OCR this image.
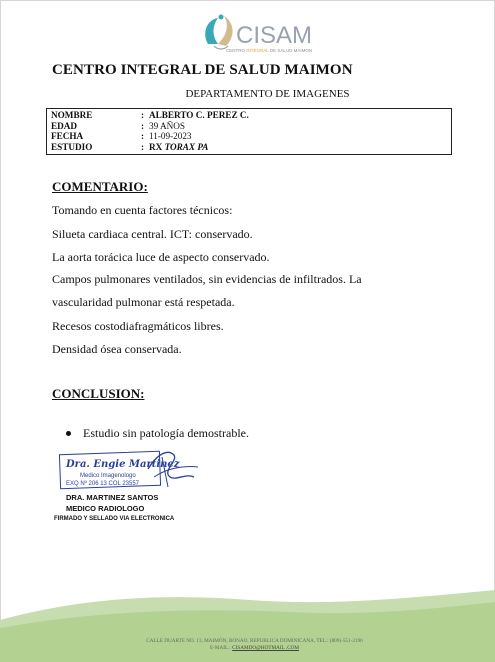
CISAM
CENTRO INTEGRAL DE SALUD MAIMON
CENTRO INTEGRAL DE SALUD MAIMON
DEPARTAMENTO DE IMAGENES
NOMBRE	: ALBERTO C. PEREZ C.
EDAD	: 39 AÑOS
FECHA	: 11-09-2023
ESTUDIO	: RX TORAX PA
COMENTARIO:
Tomando en cuenta factores técnicos:
Silueta cardiaca central. ICT: conservado.
La aorta torácica luce de aspecto conservado.
Campos pulmonares ventilados, sin evidencias de infiltrados. La
vascularidad pulmonar está respetada.
Recesos costodiafragmáticos libres.
Densidad ósea conservada.
CONCLUSION:
Estudio sin patología demostrable.
Dra. Engie Martinez
Medico Imagenologo
EXQ Nº 206 13 COL 23557
DRA. MARTINEZ SANTOS
MEDICO RADIOLOGO
FIRMADO Y SELLADO VIA ELECTRONICA
CALLE DUARTE NO. 13, MAIMÓN, BONAO, REPUBLICA DOMINICANA, TEL.: (809)-551-2196
E-MAIL.: CISAMDO@HOTMAIL .COM
